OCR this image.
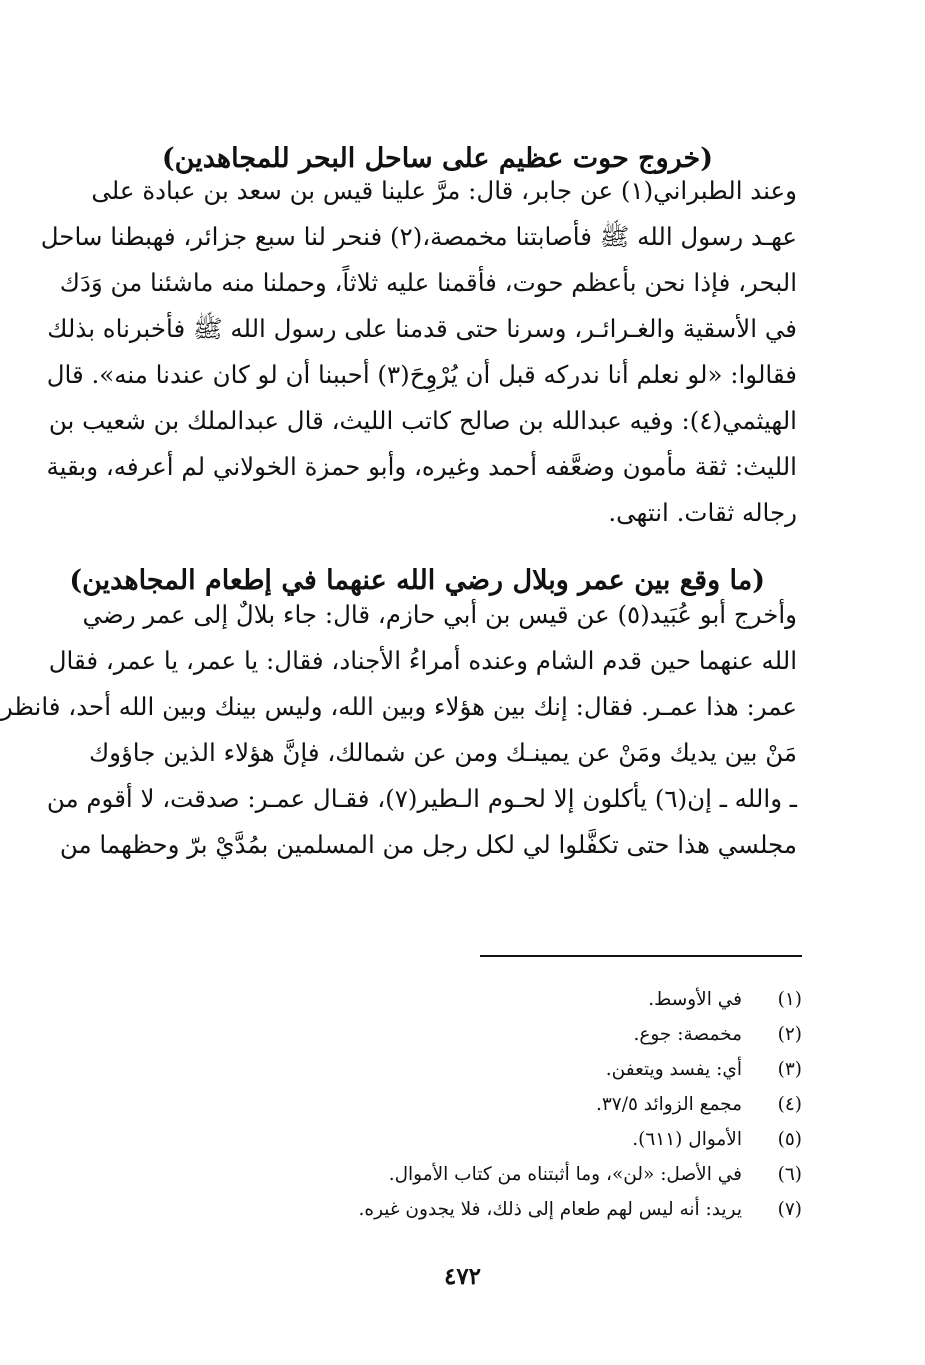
(خروج حوت عظيم على ساحل البحر للمجاهدين)
وعند الطبراني(١) عن جابر، قال: مرَّ علينا قيس بن سعد بن عبادة على
عهـد رسول الله ﷺ فأصابتنا مخمصة،(٢) فنحر لنا سبع جزائر، فهبطنا ساحل
البحر، فإذا نحن بأعظم حوت، فأقمنا عليه ثلاثاً، وحملنا منه ماشئنا من وَدَك
في الأسقية والغـرائـر، وسرنا حتى قدمنا على رسول الله ﷺ فأخبرناه بذلك
فقالوا: «لو نعلم أنا ندركه قبل أن يُرْوِحَ(٣) أحببنا أن لو كان عندنا منه». قال
الهيثمي(٤): وفيه عبدالله بن صالح كاتب الليث، قال عبدالملك بن شعيب بن
الليث: ثقة مأمون وضعَّفه أحمد وغيره، وأبو حمزة الخولاني لم أعرفه، وبقية
رجاله ثقات. انتهى.
(ما وقع بين عمر وبلال رضي الله عنهما في إطعام المجاهدين)
وأخرج أبو عُبَيد(٥) عن قيس بن أبي حازم، قال: جاء بلالٌ إلى عمر رضي
الله عنهما حين قدم الشام وعنده أمراءُ الأجناد، فقال: يا عمر، يا عمر، فقال
عمر: هذا عمـر. فقال: إنك بين هؤلاء وبين الله، وليس بينك وبين الله أحد، فانظر
مَنْ بين يديك ومَنْ عن يمينـك ومن عن شمالك، فإنَّ هؤلاء الذين جاؤوك
ـ والله ـ إن(٦) يأكلون إلا لحـوم الـطير(٧)، فقـال عمـر: صدقت، لا أقوم من
مجلسي هذا حتى تكفَّلوا لي لكل رجل من المسلمين بمُدَّيْ برّ وحظهما من
(١)
في الأوسط.
(٢)
مخمصة: جوع.
(٣)
أي: يفسد ويتعفن.
(٤)
مجمع الزوائد ٣٧/٥.
(٥)
الأموال (٦١١).
(٦)
في الأصل: «لن»، وما أثبتناه من كتاب الأموال.
(٧)
يريد: أنه ليس لهم طعام إلى ذلك، فلا يجدون غيره.
٤٧٢
